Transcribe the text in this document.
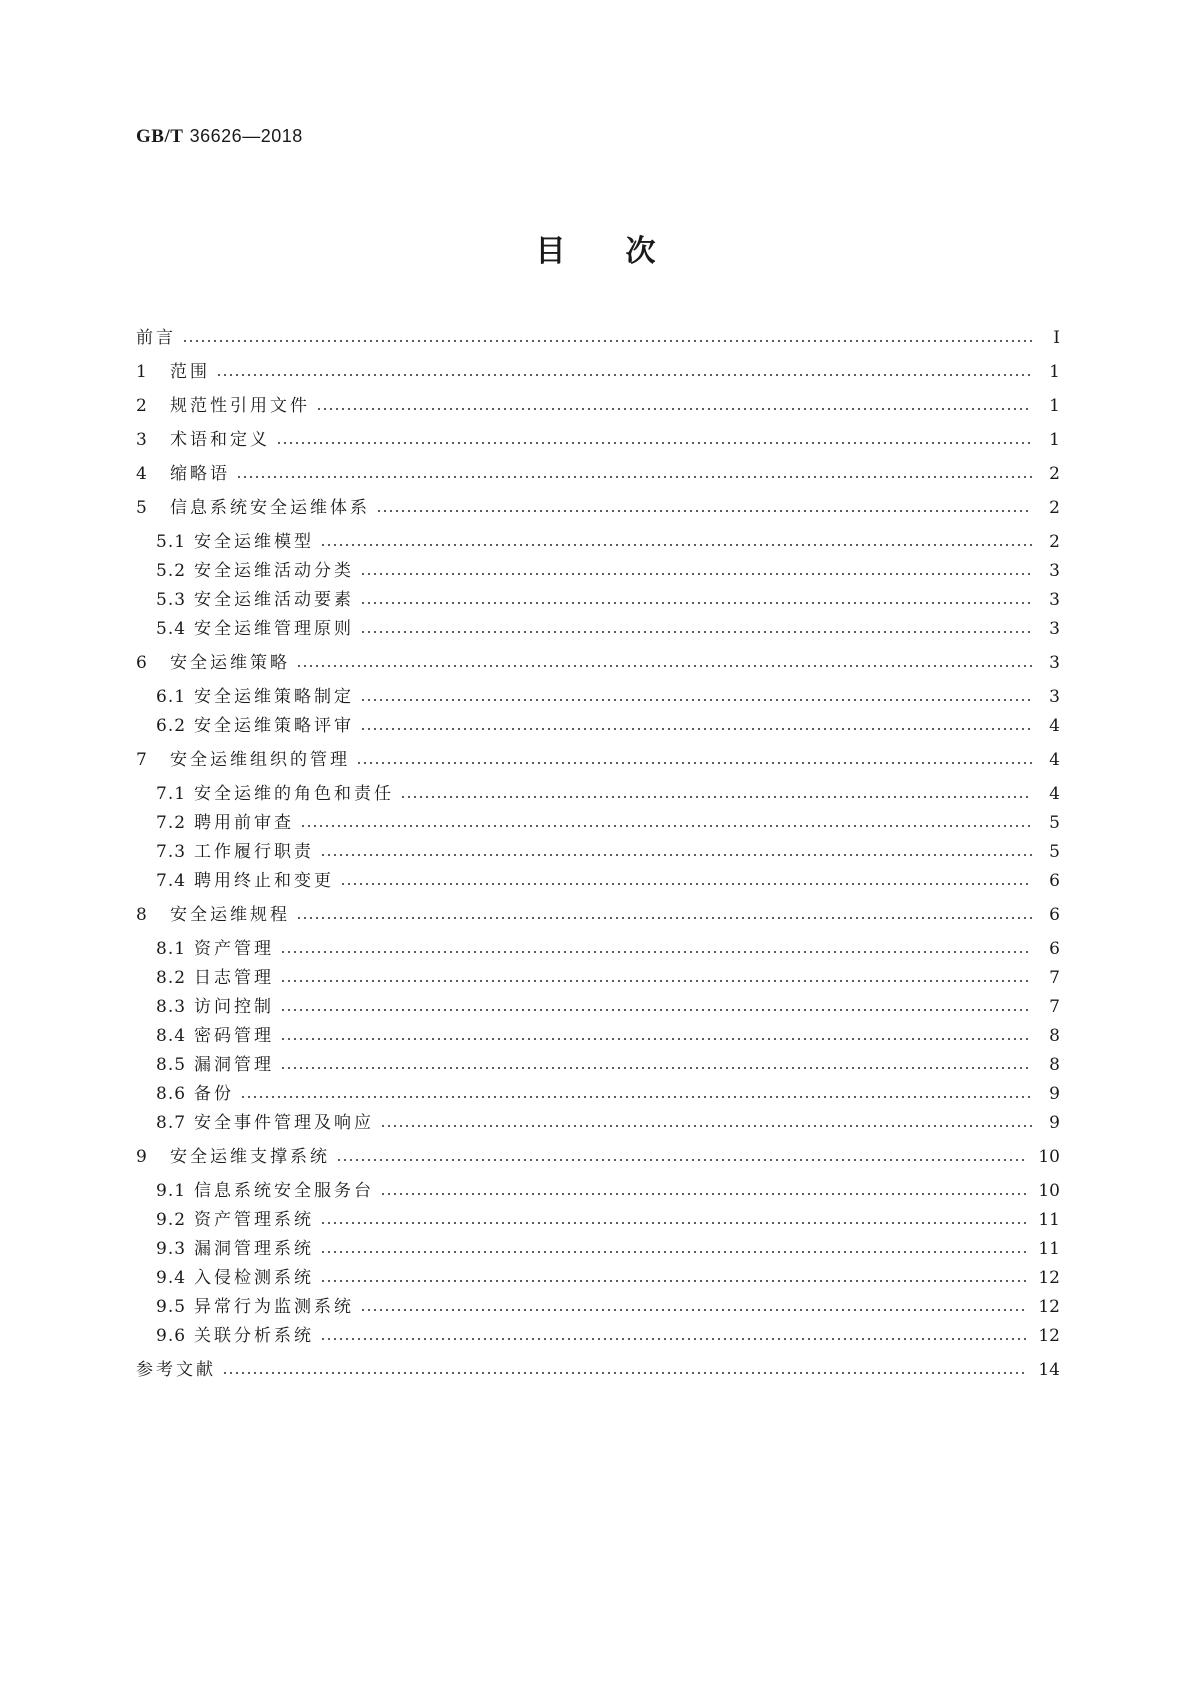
GB/T 36626—2018
目次
前言	Ⅰ
1	范围	1
2	规范性引用文件	1
3	术语和定义	1
4	缩略语	2
5	信息系统安全运维体系	2
5.1 安全运维模型	2
5.2 安全运维活动分类	3
5.3 安全运维活动要素	3
5.4 安全运维管理原则	3
6	安全运维策略	3
6.1 安全运维策略制定	3
6.2 安全运维策略评审	4
7	安全运维组织的管理	4
7.1 安全运维的角色和责任	4
7.2 聘用前审查	5
7.3 工作履行职责	5
7.4 聘用终止和变更	6
8	安全运维规程	6
8.1 资产管理	6
8.2 日志管理	7
8.3 访问控制	7
8.4 密码管理	8
8.5 漏洞管理	8
8.6 备份	9
8.7 安全事件管理及响应	9
9	安全运维支撑系统	10
9.1 信息系统安全服务台	10
9.2 资产管理系统	11
9.3 漏洞管理系统	11
9.4 入侵检测系统	12
9.5 异常行为监测系统	12
9.6 关联分析系统	12
参考文献	14
